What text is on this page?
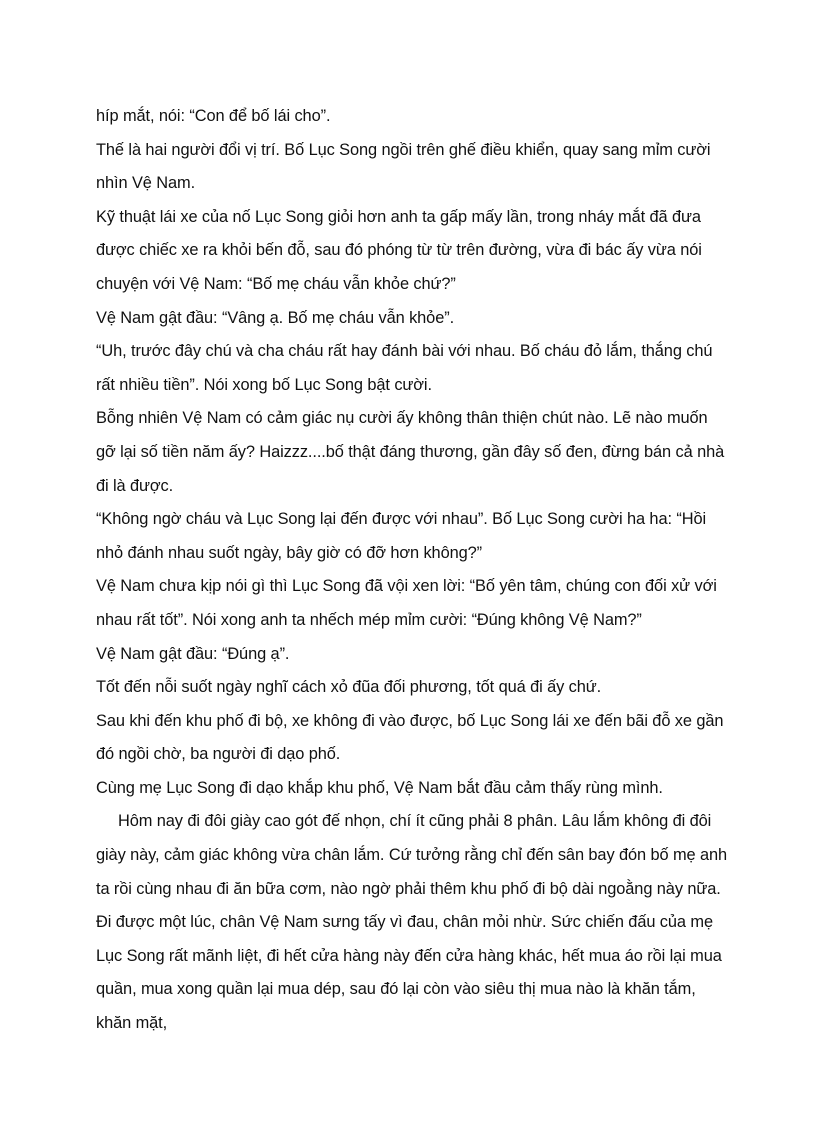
híp mắt, nói: “Con để bố lái cho”.

Thế là hai người đổi vị trí. Bố Lục Song ngồi trên ghế điều khiển, quay sang mỉm cười nhìn Vệ Nam.

Kỹ thuật lái xe của nố Lục Song giỏi hơn anh ta gấp mấy lần, trong nháy mắt đã đưa được chiếc xe ra khỏi bến đỗ, sau đó phóng từ từ trên đường, vừa đi bác ấy vừa nói chuyện với Vệ Nam: “Bố mẹ cháu vẫn khỏe chứ?”

Vệ Nam gật đầu: “Vâng ạ. Bố mẹ cháu vẫn khỏe”.

“Uh, trước đây chú và cha cháu rất hay đánh bài với nhau. Bố cháu đỏ lắm, thắng chú rất nhiều tiền”. Nói xong bố Lục Song bật cười.

Bỗng nhiên Vệ Nam có cảm giác nụ cười ấy không thân thiện chút nào. Lẽ nào muốn gỡ lại số tiền năm ấy? Haizzz....bố thật đáng thương, gần đây số đen, đừng bán cả nhà đi là được.

“Không ngờ cháu và Lục Song lại đến được với nhau”. Bố Lục Song cười ha ha: “Hồi nhỏ đánh nhau suốt ngày, bây giờ có đỡ hơn không?”

Vệ Nam chưa kịp nói gì thì Lục Song đã vội xen lời: “Bố yên tâm, chúng con đối xử với nhau rất tốt”. Nói xong anh ta nhếch mép mỉm cười: “Đúng không Vệ Nam?”

Vệ Nam gật đầu: “Đúng ạ”.

Tốt đến nỗi suốt ngày nghĩ cách xỏ đũa đối phương, tốt quá đi ấy chứ.

Sau khi đến khu phố đi bộ, xe không đi vào được, bố Lục Song lái xe đến bãi đỗ xe gần đó ngồi chờ, ba người đi dạo phố.

Cùng mẹ Lục Song đi dạo khắp khu phố, Vệ Nam bắt đầu cảm thấy rùng mình.

Hôm nay đi đôi giày cao gót đế nhọn, chí ít cũng phải 8 phân. Lâu lắm không đi đôi giày này, cảm giác không vừa chân lắm. Cứ tưởng rằng chỉ đến sân bay đón bố mẹ anh ta rồi cùng nhau đi ăn bữa cơm, nào ngờ phải thêm khu phố đi bộ dài ngoằng này nữa. Đi được một lúc, chân Vệ Nam sưng tấy vì đau, chân mỏi nhừ. Sức chiến đấu của mẹ Lục Song rất mãnh liệt, đi hết cửa hàng này đến cửa hàng khác, hết mua áo rồi lại mua quần, mua xong quần lại mua dép, sau đó lại còn vào siêu thị mua nào là khăn tắm, khăn mặt,
